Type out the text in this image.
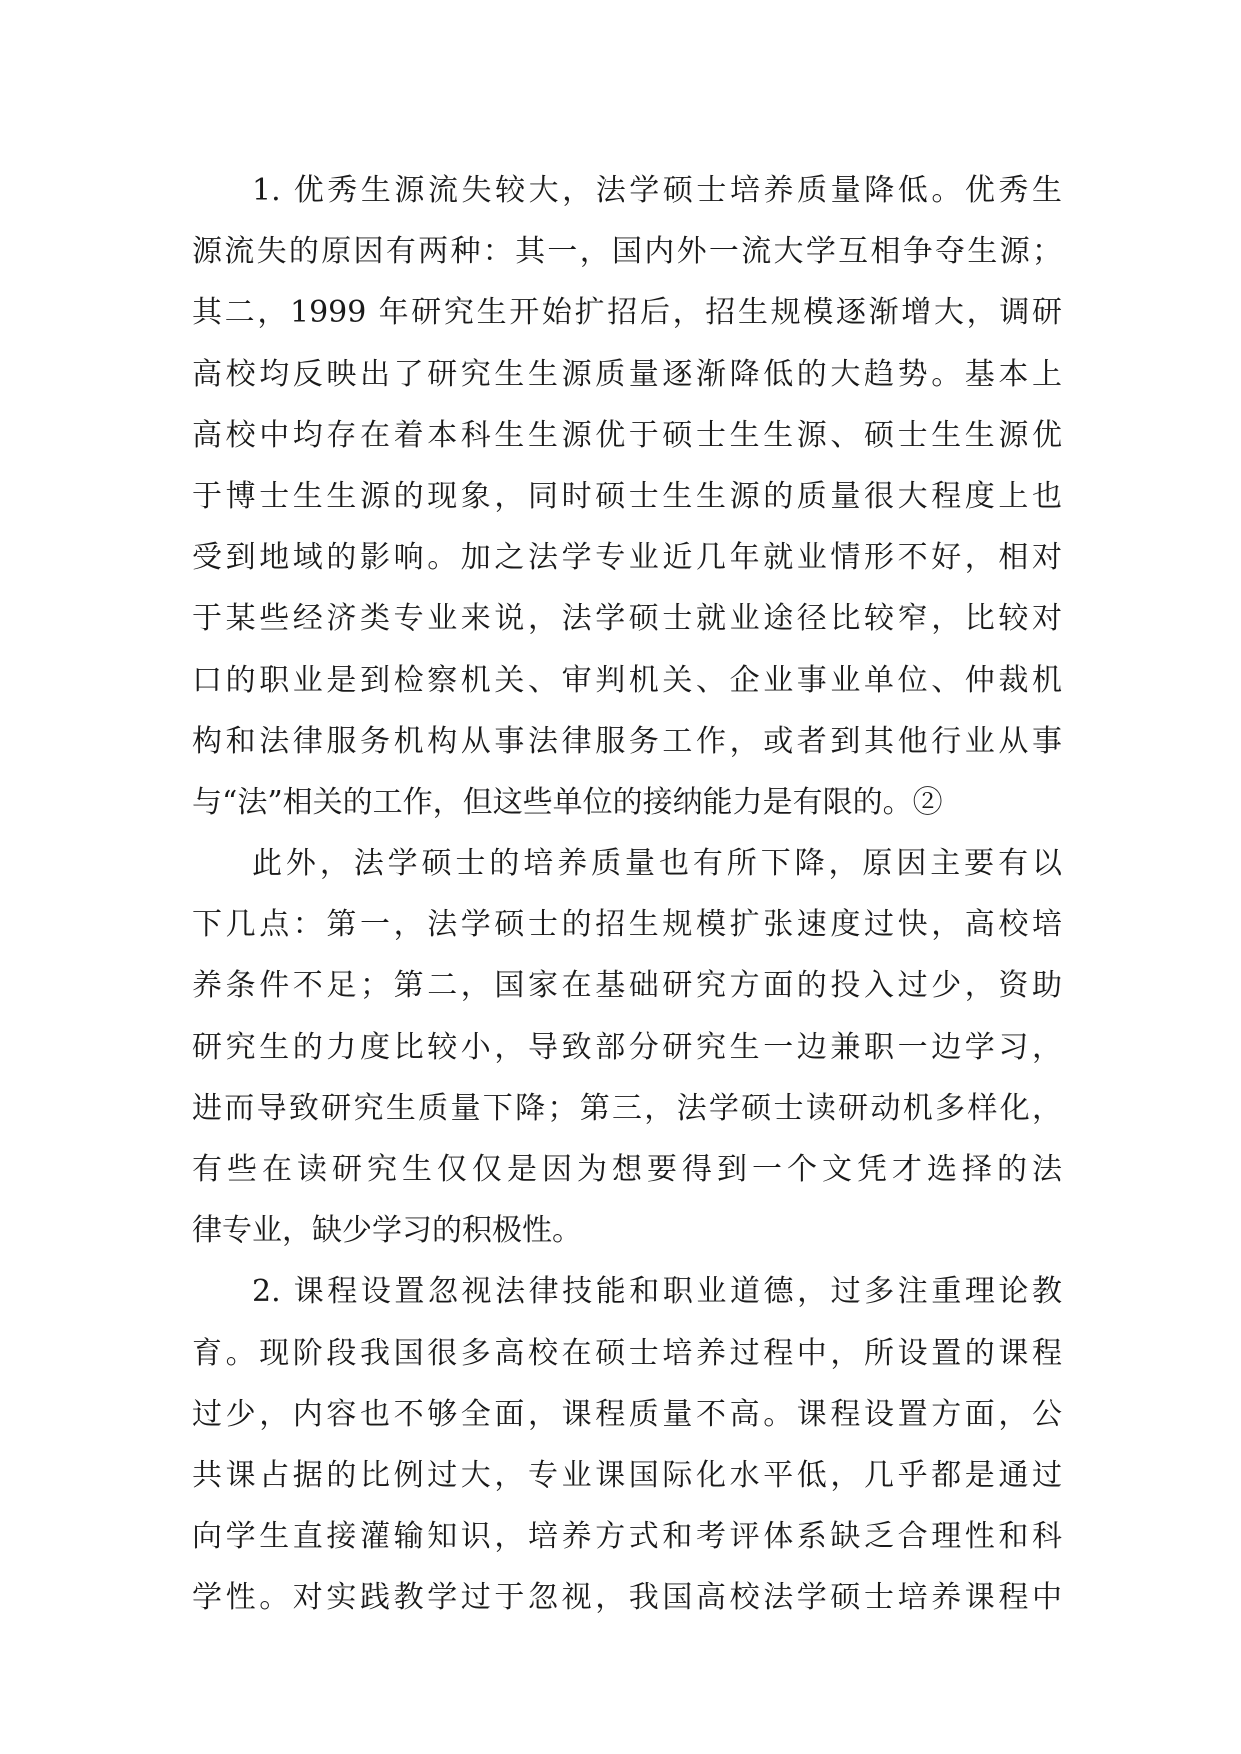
1. 优秀生源流失较大，法学硕士培养质量降低。优秀生
源流失的原因有两种：其一，国内外一流大学互相争夺生源；
其二，1999 年研究生开始扩招后，招生规模逐渐增大，调研
高校均反映出了研究生生源质量逐渐降低的大趋势。基本上
高校中均存在着本科生生源优于硕士生生源、硕士生生源优
于博士生生源的现象，同时硕士生生源的质量很大程度上也
受到地域的影响。加之法学专业近几年就业情形不好，相对
于某些经济类专业来说，法学硕士就业途径比较窄，比较对
口的职业是到检察机关、审判机关、企业事业单位、仲裁机
构和法律服务机构从事法律服务工作，或者到其他行业从事
与“法”相关的工作，但这些单位的接纳能力是有限的。②
此外，法学硕士的培养质量也有所下降，原因主要有以
下几点：第一，法学硕士的招生规模扩张速度过快，高校培
养条件不足；第二，国家在基础研究方面的投入过少，资助
研究生的力度比较小，导致部分研究生一边兼职一边学习，
进而导致研究生质量下降；第三，法学硕士读研动机多样化，
有些在读研究生仅仅是因为想要得到一个文凭才选择的法
律专业，缺少学习的积极性。
2. 课程设置忽视法律技能和职业道德，过多注重理论教
育。现阶段我国很多高校在硕士培养过程中，所设置的课程
过少，内容也不够全面，课程质量不高。课程设置方面，公
共课占据的比例过大，专业课国际化水平低，几乎都是通过
向学生直接灌输知识，培养方式和考评体系缺乏合理性和科
学性。对实践教学过于忽视，我国高校法学硕士培养课程中
